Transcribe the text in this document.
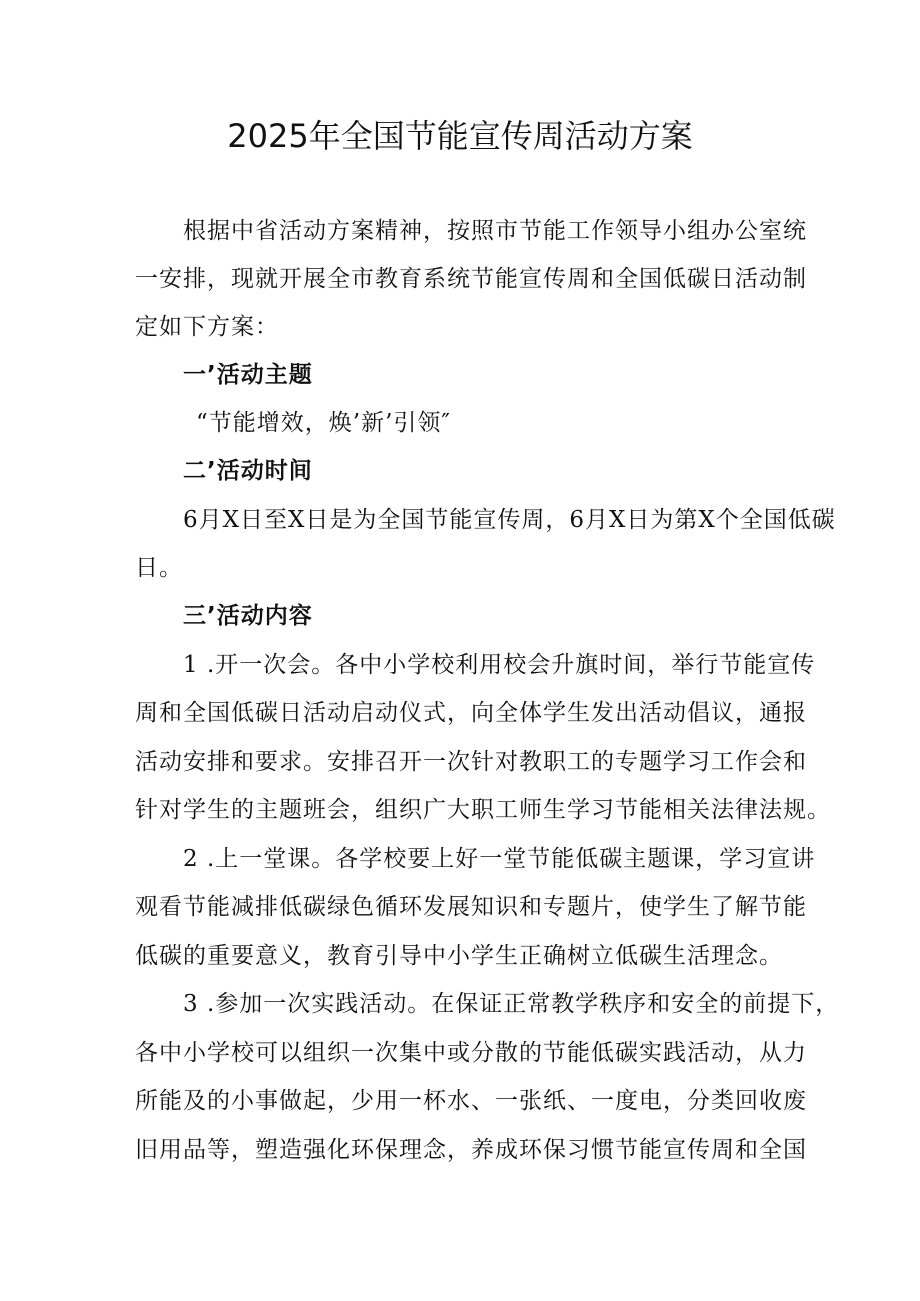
2025年全国节能宣传周活动方案
根据中省活动方案精神，按照市节能工作领导小组办公室统
一安排，现就开展全市教育系统节能宣传周和全国低碳日活动制
定如下方案：
一’活动主题
“节能增效，焕’新’引领″
二’活动时间
6月X日至X日是为全国节能宣传周，6月X日为第X个全国低碳
日。
三’活动内容
1 .开一次会。各中小学校利用校会升旗时间，举行节能宣传
周和全国低碳日活动启动仪式，向全体学生发出活动倡议，通报
活动安排和要求。安排召开一次针对教职工的专题学习工作会和
针对学生的主题班会，组织广大职工师生学习节能相关法律法规。
2 .上一堂课。各学校要上好一堂节能低碳主题课，学习宣讲
观看节能减排低碳绿色循环发展知识和专题片，使学生了解节能
低碳的重要意义，教育引导中小学生正确树立低碳生活理念。
3 .参加一次实践活动。在保证正常教学秩序和安全的前提下，
各中小学校可以组织一次集中或分散的节能低碳实践活动，从力
所能及的小事做起，少用一杯水、一张纸、一度电，分类回收废
旧用品等，塑造强化环保理念，养成环保习惯节能宣传周和全国
